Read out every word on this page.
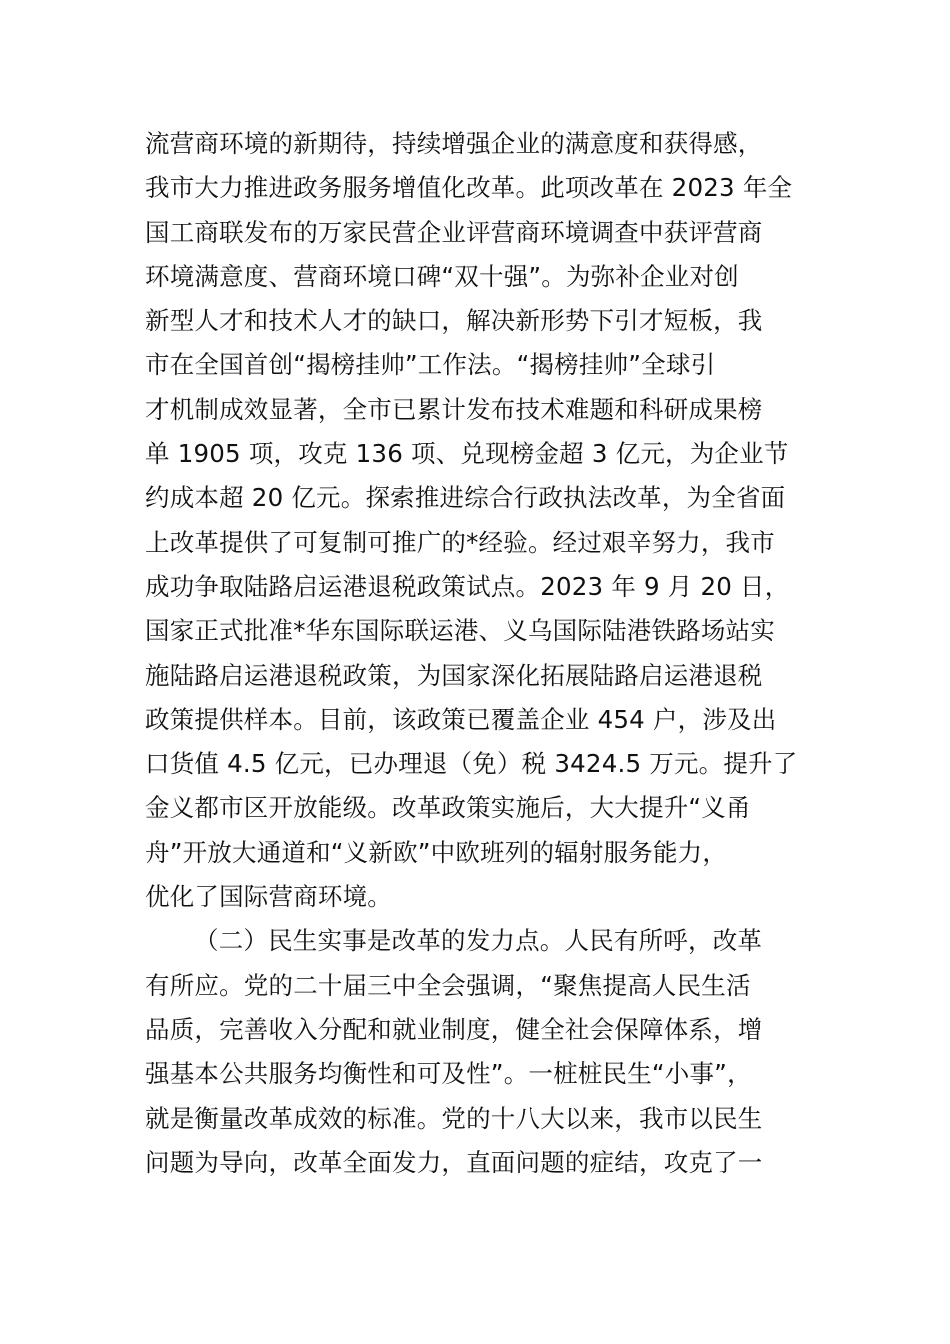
流营商环境的新期待，持续增强企业的满意度和获得感，
我市大力推进政务服务增值化改革。此项改革在 2023 年全
国工商联发布的万家民营企业评营商环境调查中获评营商
环境满意度、营商环境口碑“双十强”。为弥补企业对创
新型人才和技术人才的缺口，解决新形势下引才短板，我
市在全国首创“揭榜挂帅”工作法。“揭榜挂帅”全球引
才机制成效显著，全市已累计发布技术难题和科研成果榜
单 1905 项，攻克 136 项、兑现榜金超 3 亿元，为企业节
约成本超 20 亿元。探索推进综合行政执法改革，为全省面
上改革提供了可复制可推广的*经验。经过艰辛努力，我市
成功争取陆路启运港退税政策试点。2023 年 9 月 20 日，
国家正式批准*华东国际联运港、义乌国际陆港铁路场站实
施陆路启运港退税政策，为国家深化拓展陆路启运港退税
政策提供样本。目前，该政策已覆盖企业 454 户，涉及出
口货值 4.5 亿元，已办理退（免）税 3424.5 万元。提升了
金义都市区开放能级。改革政策实施后，大大提升“义甬
舟”开放大通道和“义新欧”中欧班列的辐射服务能力，
优化了国际营商环境。
（二）民生实事是改革的发力点。人民有所呼，改革
有所应。党的二十届三中全会强调，“聚焦提高人民生活
品质，完善收入分配和就业制度，健全社会保障体系，增
强基本公共服务均衡性和可及性”。一桩桩民生“小事”，
就是衡量改革成效的标准。党的十八大以来，我市以民生
问题为导向，改革全面发力，直面问题的症结，攻克了一
